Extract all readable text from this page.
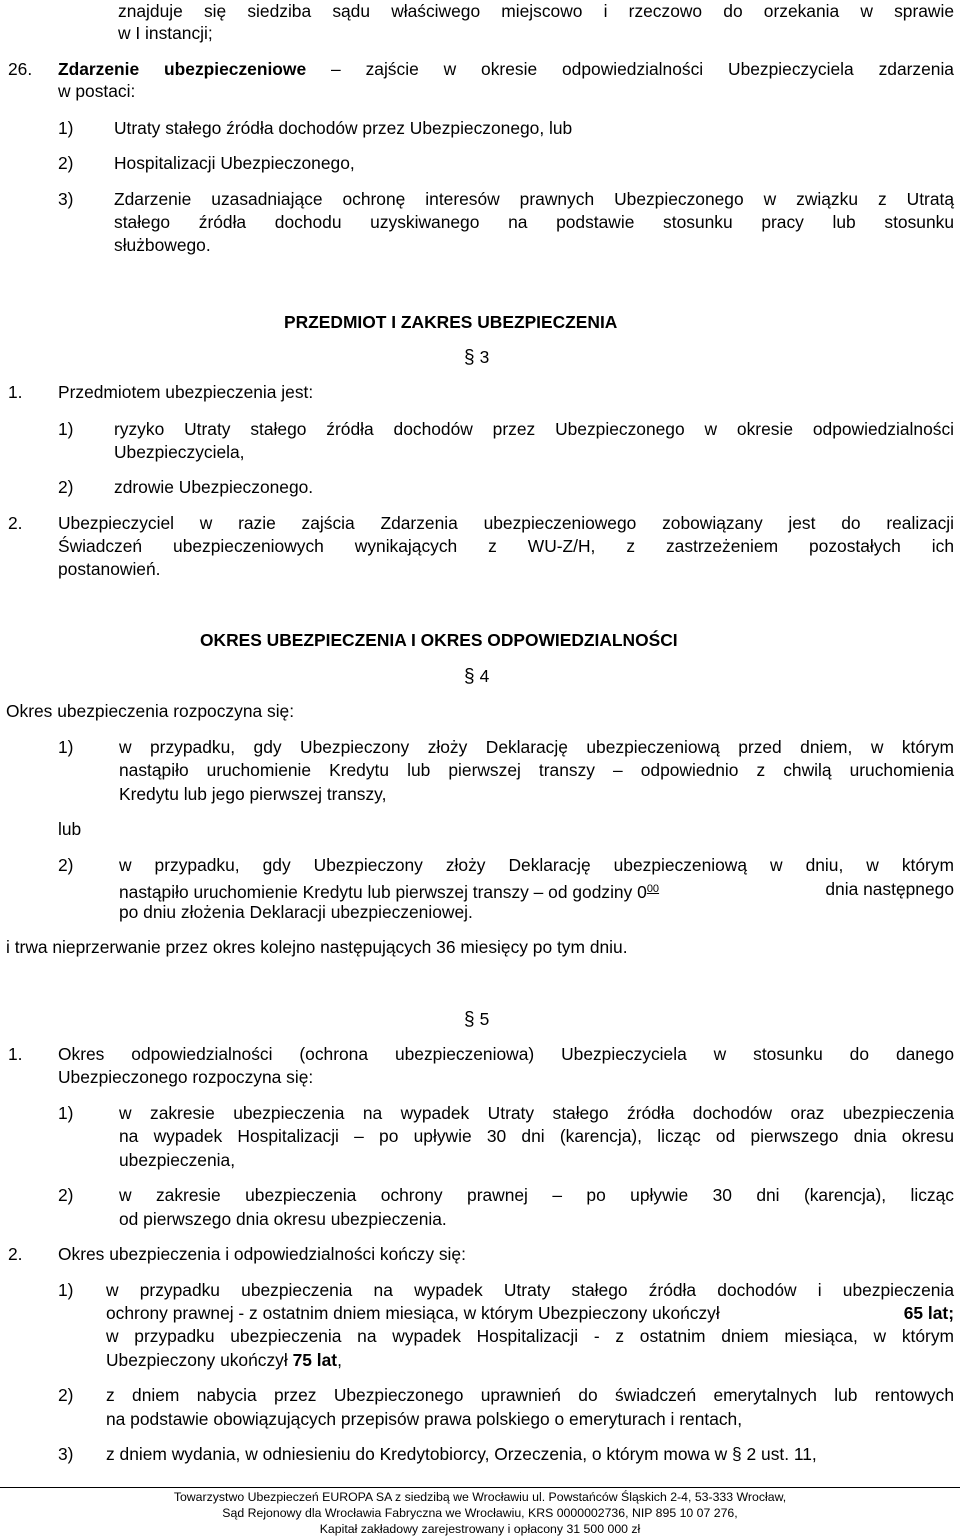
znajduje się siedziba sądu właściwego miejscowo i rzeczowo do orzekania w sprawie
w I instancji;
26. Zdarzenie ubezpieczeniowe – zajście w okresie odpowiedzialności Ubezpieczyciela zdarzenia
w postaci:
1) Utraty stałego źródła dochodów przez Ubezpieczonego, lub
2) Hospitalizacji Ubezpieczonego,
3) Zdarzenie uzasadniające ochronę interesów prawnych Ubezpieczonego w związku z Utratą
stałego źródła dochodu uzyskiwanego na podstawie stosunku pracy lub stosunku
służbowego.
PRZEDMIOT I ZAKRES UBEZPIECZENIA
§ 3
1. Przedmiotem ubezpieczenia jest:
1) ryzyko Utraty stałego źródła dochodów przez Ubezpieczonego w okresie odpowiedzialności
Ubezpieczyciela,
2) zdrowie Ubezpieczonego.
2. Ubezpieczyciel w razie zajścia Zdarzenia ubezpieczeniowego zobowiązany jest do realizacji
Świadczeń ubezpieczeniowych wynikających z WU-Z/H, z zastrzeżeniem pozostałych ich
postanowień.
OKRES UBEZPIECZENIA I OKRES ODPOWIEDZIALNOŚCI
§ 4
Okres ubezpieczenia rozpoczyna się:
1)	w przypadku, gdy Ubezpieczony złoży Deklarację ubezpieczeniową przed dniem, w którym
nastąpiło uruchomienie Kredytu lub pierwszej transzy – odpowiednio z chwilą uruchomienia
Kredytu lub jego pierwszej transzy,
lub
2)	w przypadku, gdy Ubezpieczony złoży Deklarację ubezpieczeniową w dniu, w którym
nastąpiło uruchomienie Kredytu lub pierwszej transzy – od godziny $0^{00}$	dnia następnego
po dniu złożenia Deklaracji ubezpieczeniowej.
i trwa nieprzerwanie przez okres kolejno następujących 36 miesięcy po tym dniu.
§ 5
1. Okres odpowiedzialności (ochrona ubezpieczeniowa) Ubezpieczyciela w stosunku do danego
Ubezpieczonego rozpoczyna się:
1)	w zakresie ubezpieczenia na wypadek Utraty stałego źródła dochodów oraz ubezpieczenia
na wypadek Hospitalizacji – po upływie 30 dni (karencja), licząc od pierwszego dnia okresu
ubezpieczenia,
2)	w zakresie ubezpieczenia ochrony prawnej – po upływie 30 dni (karencja), licząc
od pierwszego dnia okresu ubezpieczenia.
2. Okres ubezpieczenia i odpowiedzialności kończy się:
1) w przypadku ubezpieczenia na wypadek Utraty stałego źródła dochodów i ubezpieczenia
ochrony prawnej - z ostatnim dniem miesiąca, w którym Ubezpieczony ukończył	65 lat;
w przypadku ubezpieczenia na wypadek Hospitalizacji - z ostatnim dniem miesiąca, w którym
Ubezpieczony ukończył 75 lat,
2) z dniem nabycia przez Ubezpieczonego uprawnień do świadczeń emerytalnych lub rentowych
na podstawie obowiązujących przepisów prawa polskiego o emeryturach i rentach,
3) z dniem wydania, w odniesieniu do Kredytobiorcy, Orzeczenia, o którym mowa w § 2 ust. 11,
Towarzystwo Ubezpieczeń EUROPA SA z siedzibą we Wrocławiu ul. Powstańców Śląskich 2-4, 53-333 Wrocław,
Sąd Rejonowy dla Wrocławia Fabryczna we Wrocławiu, KRS 0000002736, NIP 895 10 07 276,
Kapitał zakładowy zarejestrowany i opłacony 31 500 000 zł
